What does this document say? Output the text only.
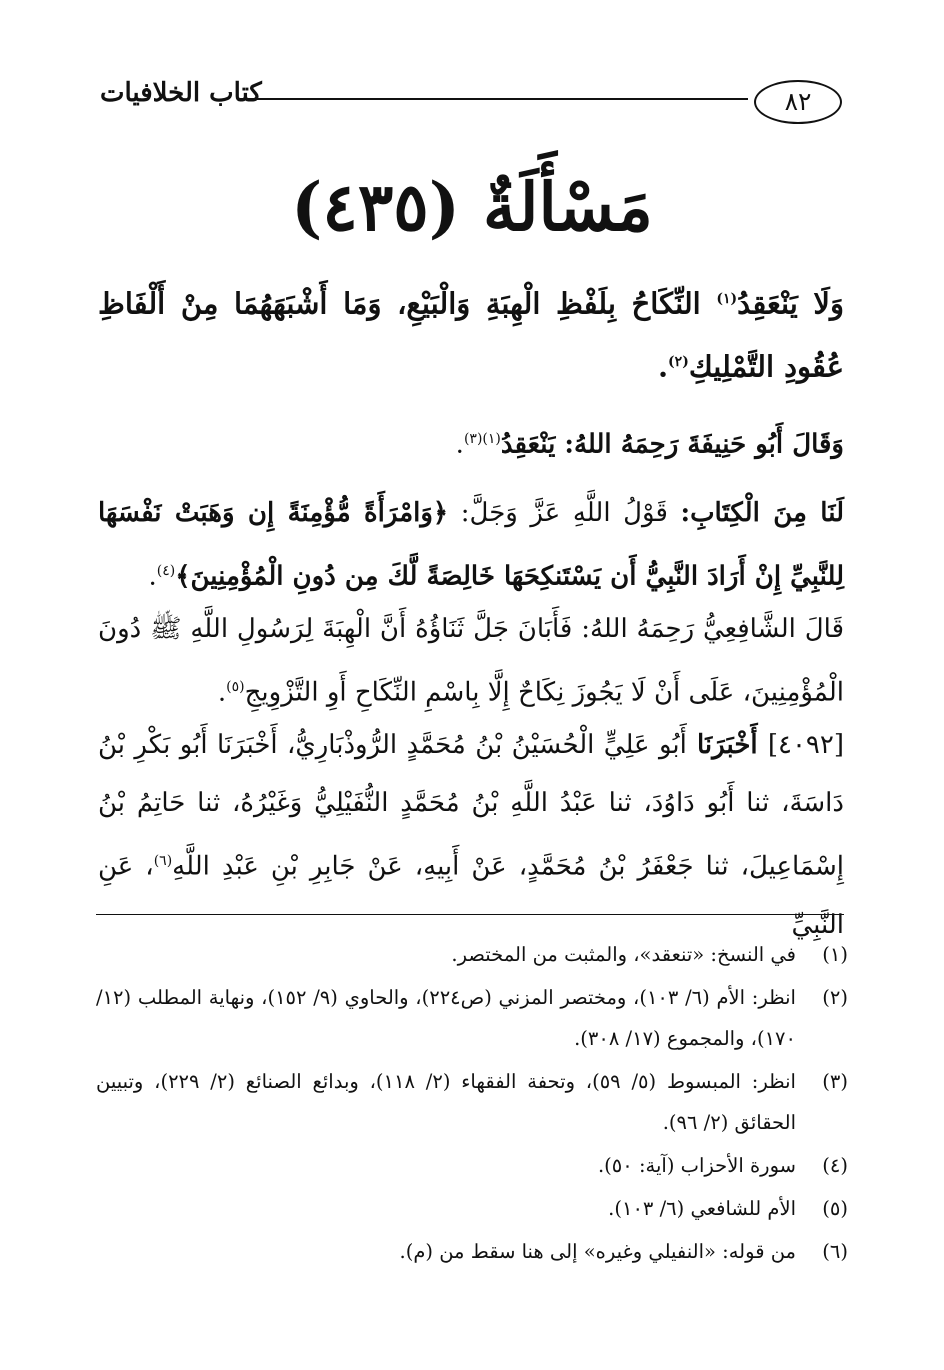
٨٢
كتاب الخلافيات
مَسْأَلَةٌ (٤٣٥)
وَلَا يَنْعَقِدُ$^{(١)}$ النِّكَاحُ بِلَفْظِ الْهِبَةِ وَالْبَيْعِ، وَمَا أَشْبَهَهُمَا مِنْ أَلْفَاظِ عُقُودِ التَّمْلِيكِ$^{(٢)}$.
وَقَالَ أَبُو حَنِيفَةَ رَحِمَهُ اللهُ: يَنْعَقِدُ$^{(١)(٣)}$.
لَنَا مِنَ الْكِتَابِ: قَوْلُ اللَّهِ عَزَّ وَجَلَّ: ﴿وَامْرَأَةً مُّؤْمِنَةً إِن وَهَبَتْ نَفْسَهَا لِلنَّبِيِّ إِنْ أَرَادَ النَّبِيُّ أَن يَسْتَنكِحَهَا خَالِصَةً لَّكَ مِن دُونِ الْمُؤْمِنِينَ﴾$^{(٤)}$.
قَالَ الشَّافِعِيُّ رَحِمَهُ اللهُ: فَأَبَانَ جَلَّ ثَنَاؤُهُ أَنَّ الْهِبَةَ لِرَسُولِ اللَّهِ ﷺ دُونَ الْمُؤْمِنِينَ، عَلَى أَنْ لَا يَجُوزَ نِكَاحٌ إِلَّا بِاسْمِ النِّكَاحِ أَوِ التَّزْوِيجِ$^{(٥)}$.
[٤٠٩٢] أَخْبَرَنَا أَبُو عَلِيٍّ الْحُسَيْنُ بْنُ مُحَمَّدٍ الرُّوذْبَارِيُّ، أَخْبَرَنَا أَبُو بَكْرِ بْنُ دَاسَةَ، ثنا أَبُو دَاوُدَ، ثنا عَبْدُ اللَّهِ بْنُ مُحَمَّدٍ النُّفَيْلِيُّ وَغَيْرُهُ، ثنا حَاتِمُ بْنُ إِسْمَاعِيلَ، ثنا جَعْفَرُ بْنُ مُحَمَّدٍ، عَنْ أَبِيهِ، عَنْ جَابِرِ بْنِ عَبْدِ اللَّهِ$^{(٦)}$، عَنِ النَّبِيِّ
(١)
في النسخ: «تنعقد»، والمثبت من المختصر.
(٢)
انظر: الأم (٦/ ١٠٣)، ومختصر المزني (ص٢٢٤)، والحاوي (٩/ ١٥٢)، ونهاية المطلب (١٢/ ١٧٠)، والمجموع (١٧/ ٣٠٨).
(٣)
انظر: المبسوط (٥/ ٥٩)، وتحفة الفقهاء (٢/ ١١٨)، وبدائع الصنائع (٢/ ٢٢٩)، وتبيين الحقائق (٢/ ٩٦).
(٤)
سورة الأحزاب (آية: ٥٠).
(٥)
الأم للشافعي (٦/ ١٠٣).
(٦)
من قوله: «النفيلي وغيره» إلى هنا سقط من (م).
